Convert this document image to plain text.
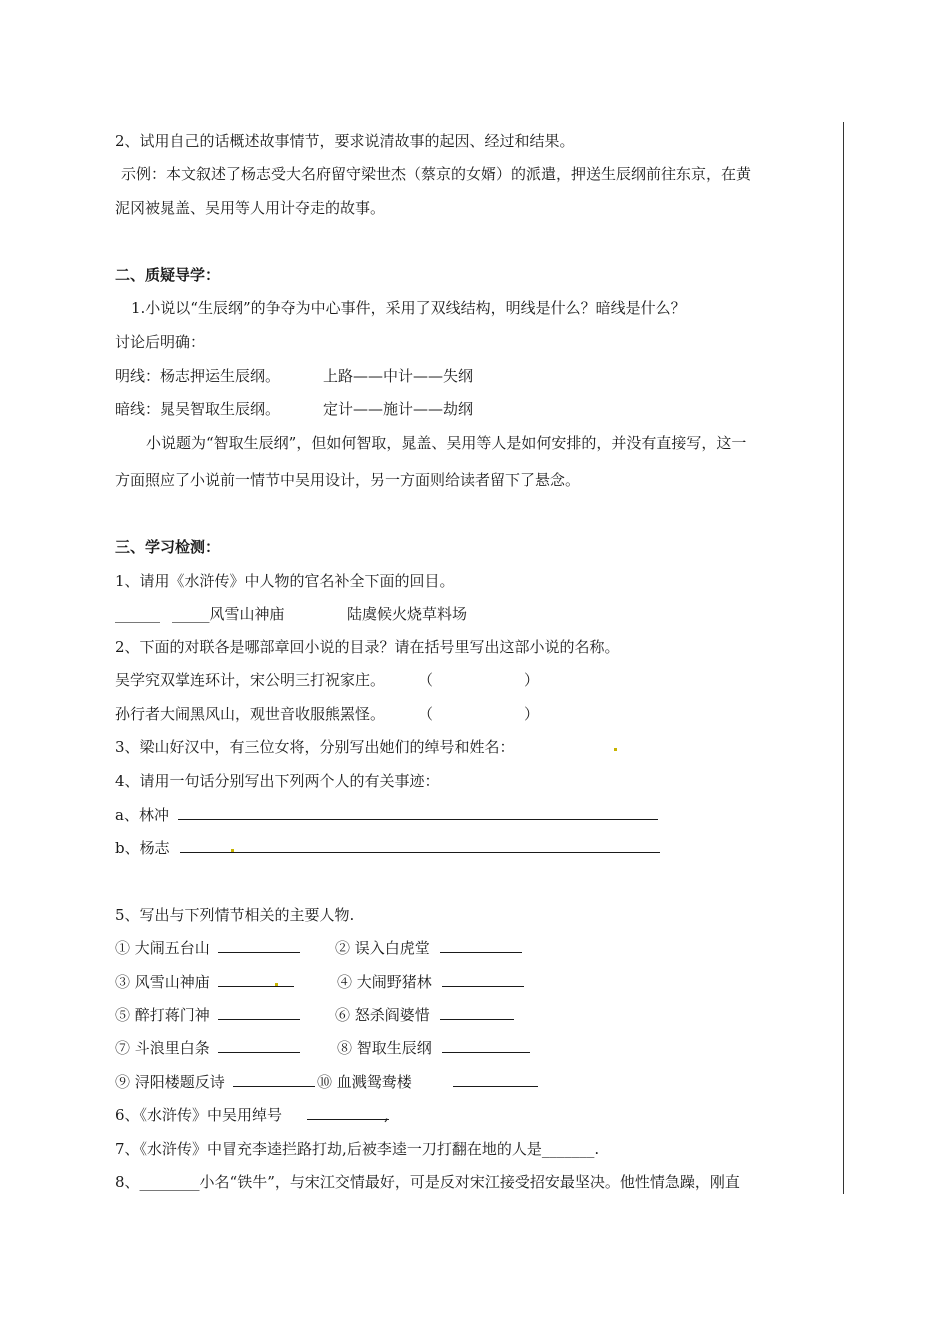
2、试用自己的话概述故事情节，要求说清故事的起因、经过和结果。
示例：本文叙述了杨志受大名府留守梁世杰（蔡京的女婿）的派遣，押送生辰纲前往东京，在黄
泥冈被晁盖、吴用等人用计夺走的故事。
二、质疑导学：
1.小说以“生辰纲”的争夺为中心事件，采用了双线结构，明线是什么？暗线是什么？
讨论后明确：
明线：杨志押运生辰纲。	上路——中计——失纲
暗线：晁吴智取生辰纲。	定计——施计——劫纲
小说题为“智取生辰纲”，但如何智取，晁盖、吴用等人是如何安排的，并没有直接写，这一
方面照应了小说前一情节中吴用设计，另一方面则给读者留下了悬念。
三、学习检测：
1、请用《水浒传》中人物的官名补全下面的回目。
______ _____风雪山神庙	陆虞候火烧草料场
2、下面的对联各是哪部章回小说的目录？请在括号里写出这部小说的名称。
吴学究双掌连环计，宋公明三打祝家庄。 （	）
孙行者大闹黑风山，观世音收服熊罴怪。 （	）
3、梁山好汉中，有三位女将，分别写出她们的绰号和姓名：
4、请用一句话分别写出下列两个人的有关事迹：
a、林冲
b、杨志
5、写出与下列情节相关的主要人物.
① 大闹五台山	② 误入白虎堂
③ 风雪山神庙	④ 大闹野猪林
⑤ 醉打蒋门神	⑥ 怒杀阎婆惜
⑦ 斗浪里白条	⑧ 智取生辰纲
⑨ 浔阳楼题反诗	⑩ 血溅鸳鸯楼
6、《水浒传》中吴用绰号	,
7、《水浒传》中冒充李逵拦路打劫,后被李逵一刀打翻在地的人是_______.
8、________小名“铁牛”，与宋江交情最好，可是反对宋江接受招安最坚决。他性情急躁，刚直
